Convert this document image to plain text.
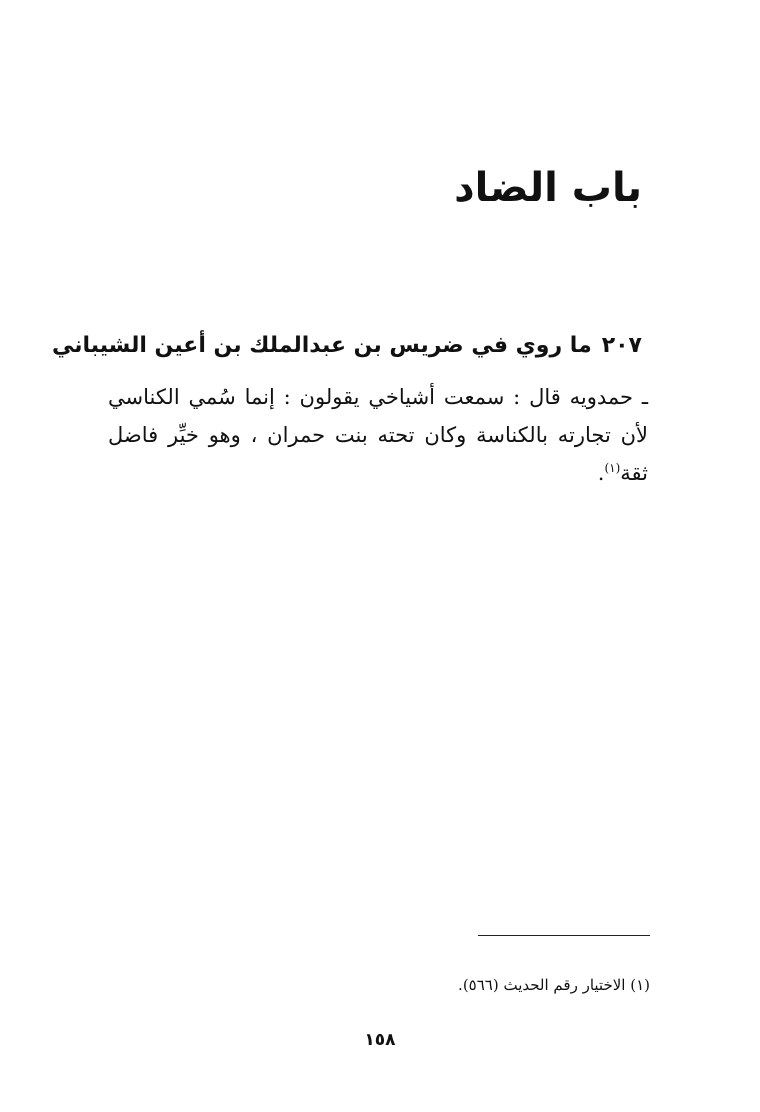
باب الضاد
٢٠٧ما روي في ضريس بن عبدالملك بن أعين الشيباني

ـ حمدويه قال : سمعت أشياخي يقولون : إنما سُمي الكناسي لأن تجارته بالكناسة وكان تحته بنت حمران ، وهو خيِّر فاضل ثقة$^{(١)}$.

(١) الاختيار رقم الحديث (٥٦٦).

١٥٨
